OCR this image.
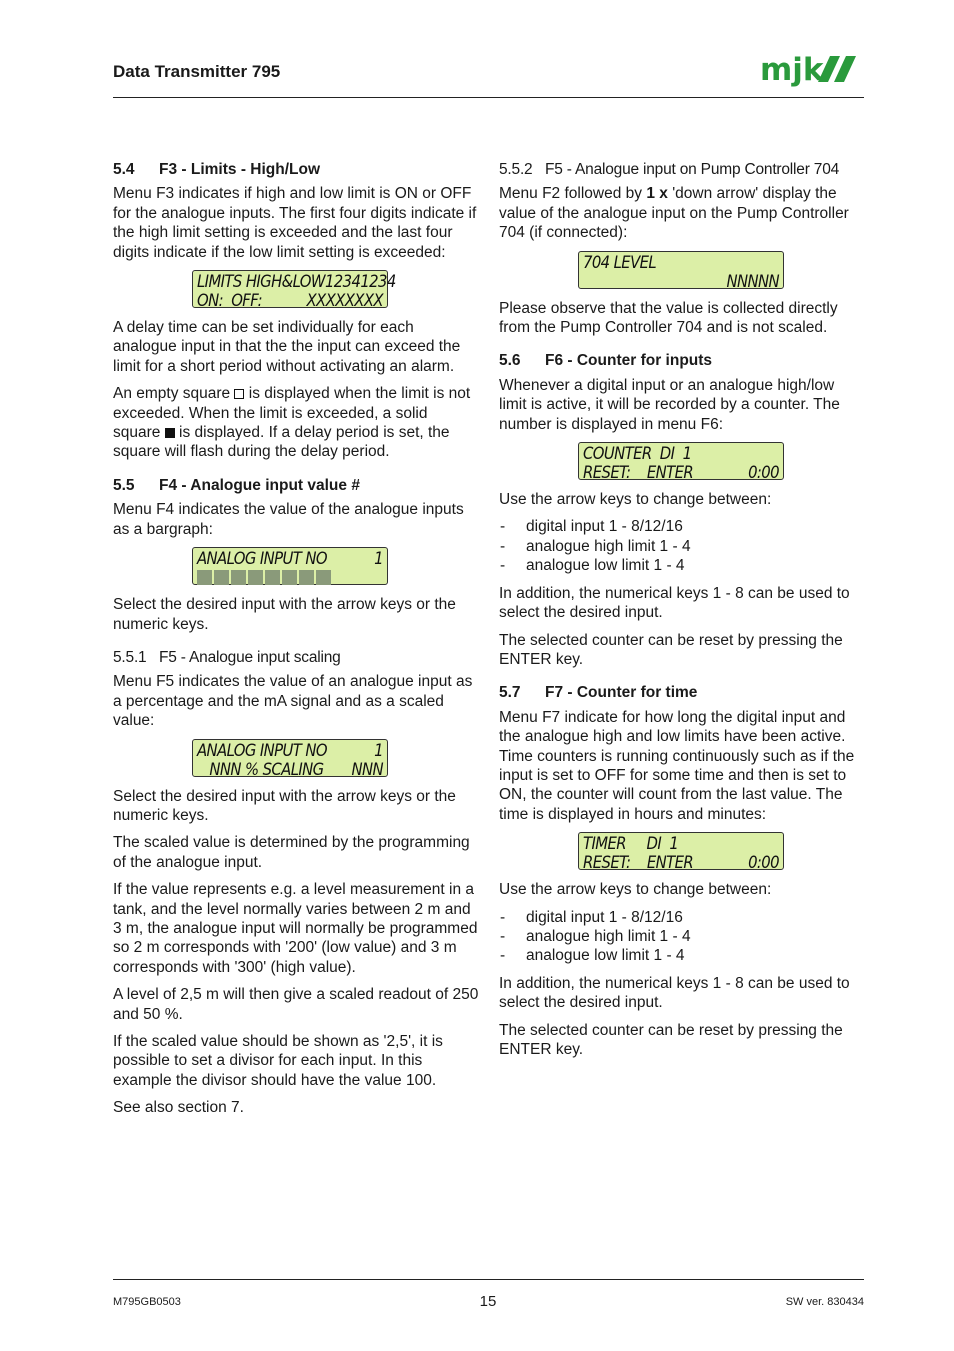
Data Transmitter 795	mjk
5.4 F3 - Limits - High/Low

Menu F3 indicates if high and low limit is ON or OFF for the analogue inputs. The first four digits indicate if the high limit setting is exceeded and the last four digits indicate if the low limit setting is exceeded:

LIMITS HIGH&LOW 12341234
ON:  OFF:	XXXXXXXX

A delay time can be set individually for each analogue input in that the the input can exceed the limit for a short period without activating an alarm.

An empty square  is displayed when the limit is not exceeded. When the limit is exceeded, a solid square  is displayed. If a delay period is set, the square will flash during the delay period.

5.5 F4 - Analogue input value #

Menu F4 indicates the value of the analogue inputs as a bargraph:

ANALOG INPUT NO	1

Select the desired input with the arrow keys or the numeric keys.

5.5.1 F5 - Analogue input scaling

Menu F5 indicates the value of an analogue input as a percentage and the mA signal and as a scaled value:

ANALOG INPUT NO	1
NNN % SCALING NNN

Select the desired input with the arrow keys or the numeric keys.

The scaled value is determined by the programming of the analogue input.

If the value represents e.g. a level measurement in a tank, and the level normally varies between 2 m and 3 m, the analogue input will normally be programmed so 2 m corresponds with '200' (low value) and 3 m corresponds with '300' (high value).

A level of 2,5 m will then give a scaled readout of 250 and 50 %.

If the scaled value should be shown as '2,5', it is possible to set a divisor for each input. In this example the divisor should have the value 100.

See also section 7.

5.5.2 F5 - Analogue input on Pump Controller 704

Menu F2 followed by 1 x 'down arrow' display the value of the analogue input on the Pump Controller 704 (if connected):

704 LEVEL
NNNNN

Please observe that the value is collected directly from the Pump Controller 704 and is not scaled.

5.6 F6 - Counter for inputs

Whenever a digital input or an analogue high/low limit is active, it will be recorded by a counter. The number is displayed in menu F6:

COUNTER  DI  1
RESET:    ENTER	0:00

Use the arrow keys to change between:

- digital input 1 - 8/12/16
- analogue high limit 1 - 4
- analogue low limit 1 - 4

In addition, the numerical keys 1 - 8 can be used to select the desired input.

The selected counter can be reset by pressing the ENTER key.

5.7 F7 - Counter for time

Menu F7 indicate for how long the digital input and the analogue high and low limits have been active. Time counters is running continuously such as if the input is set to OFF for some time and then is set to ON, the counter will count from the last value. The time is displayed in hours and minutes:

TIMER     DI  1
RESET:    ENTER	0:00

Use the arrow keys to change between:

- digital input 1 - 8/12/16
- analogue high limit 1 - 4
- analogue low limit 1 - 4

In addition, the numerical keys 1 - 8 can be used to select the desired input.

The selected counter can be reset by pressing the ENTER key.

M795GB0503	15	SW ver. 830434
